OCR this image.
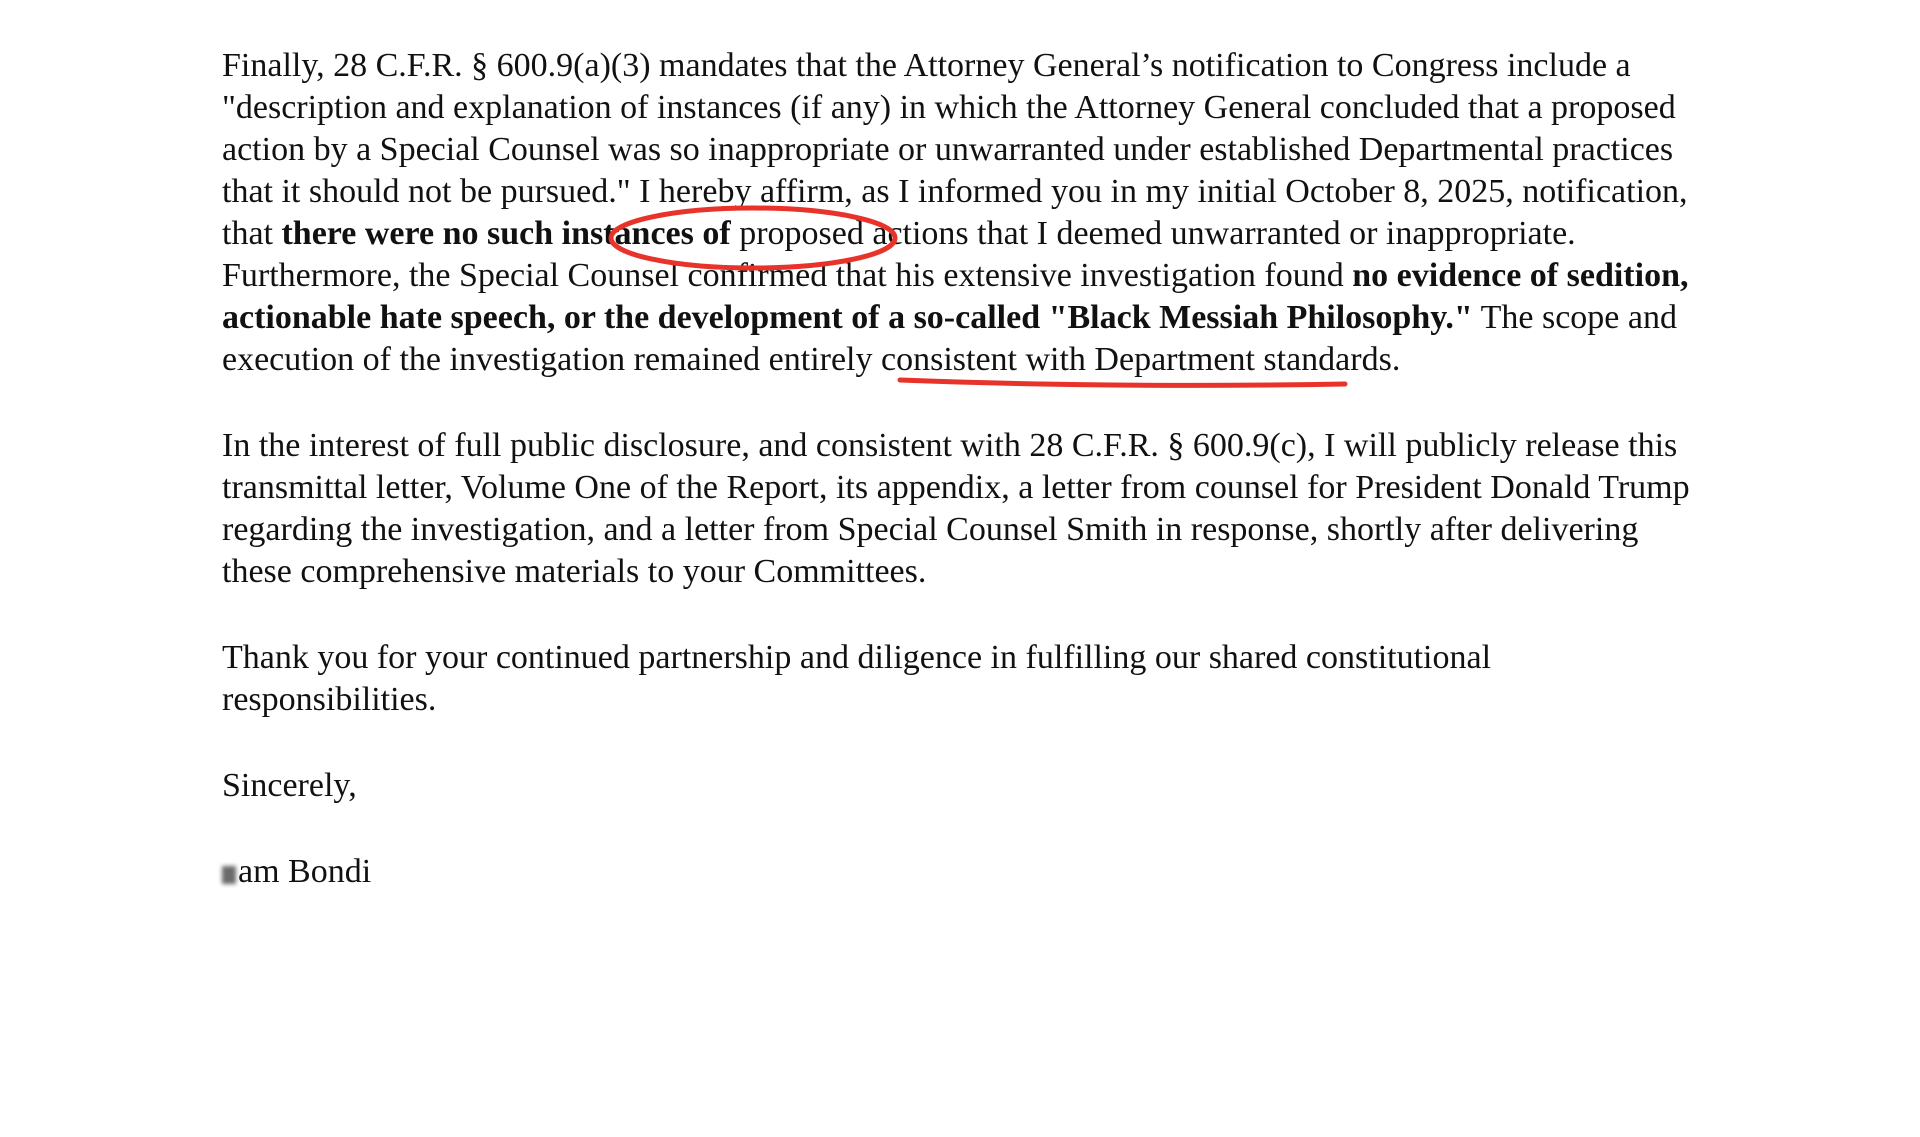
Finally, 28 C.F.R. § 600.9(a)(3) mandates that the Attorney General’s notification to Congress include a "description and explanation of instances (if any) in which the Attorney General concluded that a proposed action by a Special Counsel was so inappropriate or unwarranted under established Departmental practices that it should not be pursued." I hereby affirm, as I informed you in my initial October 8, 2025, notification, that there were no such instances of proposed actions that I deemed unwarranted or inappropriate. Furthermore, the Special Counsel confirmed that his extensive investigation found no evidence of sedition, actionable hate speech, or the development of a so-called "Black Messiah Philosophy." The scope and execution of the investigation remained entirely consistent with Department standards.

In the interest of full public disclosure, and consistent with 28 C.F.R. § 600.9(c), I will publicly release this transmittal letter, Volume One of the Report, its appendix, a letter from counsel for President Donald Trump regarding the investigation, and a letter from Special Counsel Smith in response, shortly after delivering these comprehensive materials to your Committees.

Thank you for your continued partnership and diligence in fulfilling our shared constitutional responsibilities.

Sincerely,

am Bondi
